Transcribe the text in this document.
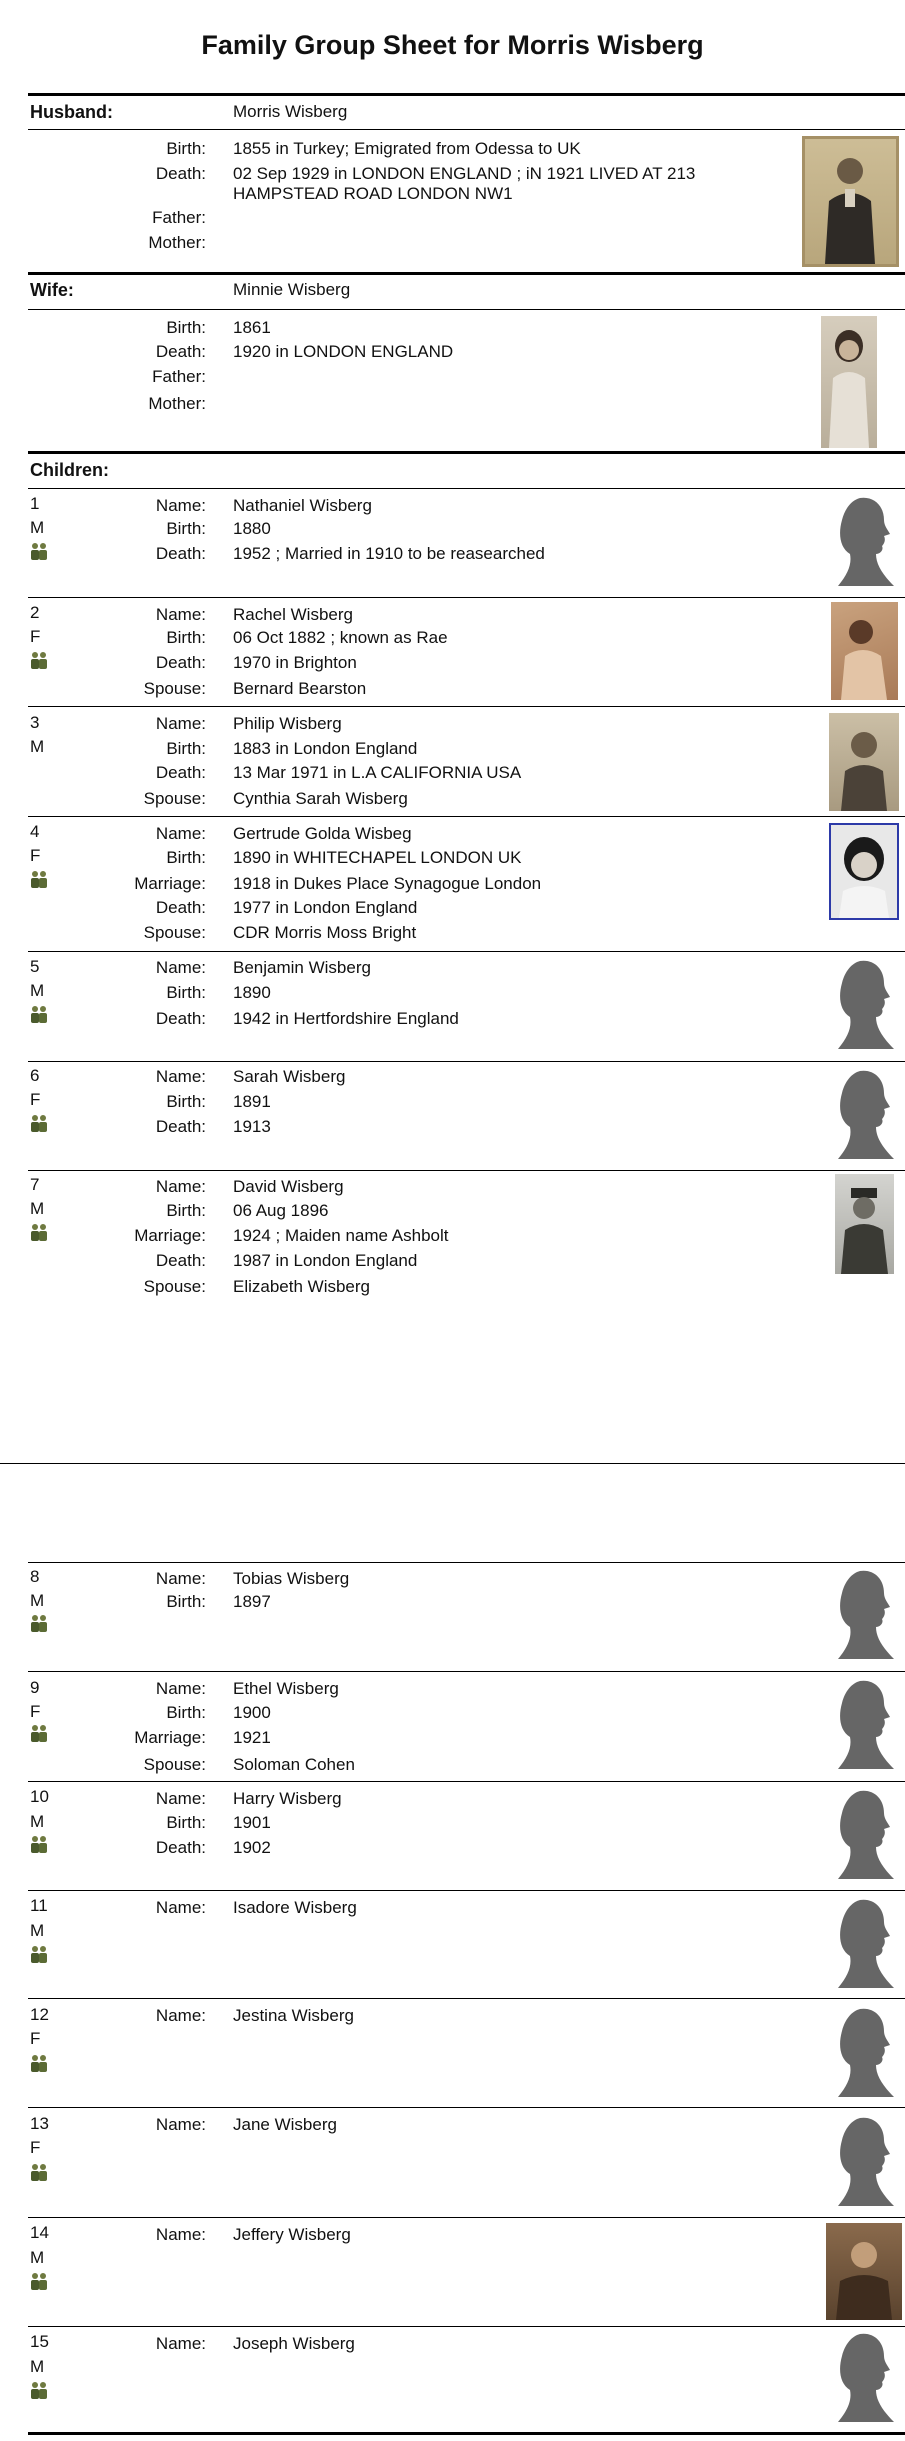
Family Group Sheet for Morris Wisberg
Husband:	Morris Wisberg
Birth: 1855 in Turkey; Emigrated from Odessa to UK
Death: 02 Sep 1929 in LONDON ENGLAND ; iN 1921 LIVED AT 213
HAMPSTEAD ROAD LONDON NW1
Father:
Mother:
Wife:	Minnie Wisberg
Birth: 1861
Death: 1920 in LONDON ENGLAND
Father:
Mother:
Children:
1
M
Name: Nathaniel Wisberg
Birth: 1880
Death: 1952 ; Married in 1910 to be reasearched
2
F
Name: Rachel Wisberg
Birth: 06 Oct 1882 ; known as Rae
Death: 1970 in Brighton
Spouse: Bernard Bearston
3
M
Name: Philip Wisberg
Birth: 1883 in London England
Death: 13 Mar 1971 in L.A CALIFORNIA USA
Spouse: Cynthia Sarah Wisberg
4
F
Name: Gertrude Golda Wisbeg
Birth: 1890 in WHITECHAPEL LONDON UK
Marriage: 1918 in Dukes Place Synagogue London
Death: 1977 in London England
Spouse: CDR Morris Moss Bright
5
M
Name: Benjamin Wisberg
Birth: 1890
Death: 1942 in Hertfordshire England
6
F
Name: Sarah Wisberg
Birth: 1891
Death: 1913
7
M
Name: David Wisberg
Birth: 06 Aug 1896
Marriage: 1924 ; Maiden name Ashbolt
Death: 1987 in London England
Spouse: Elizabeth Wisberg
8
M
Name: Tobias Wisberg
Birth: 1897
9
F
Name: Ethel Wisberg
Birth: 1900
Marriage: 1921
Spouse: Soloman Cohen
10
M
Name: Harry Wisberg
Birth: 1901
Death: 1902
11
M
Name: Isadore Wisberg
12
F
Name: Jestina Wisberg
13
F
Name: Jane Wisberg
14
M
Name: Jeffery Wisberg
15
M
Name: Joseph Wisberg
